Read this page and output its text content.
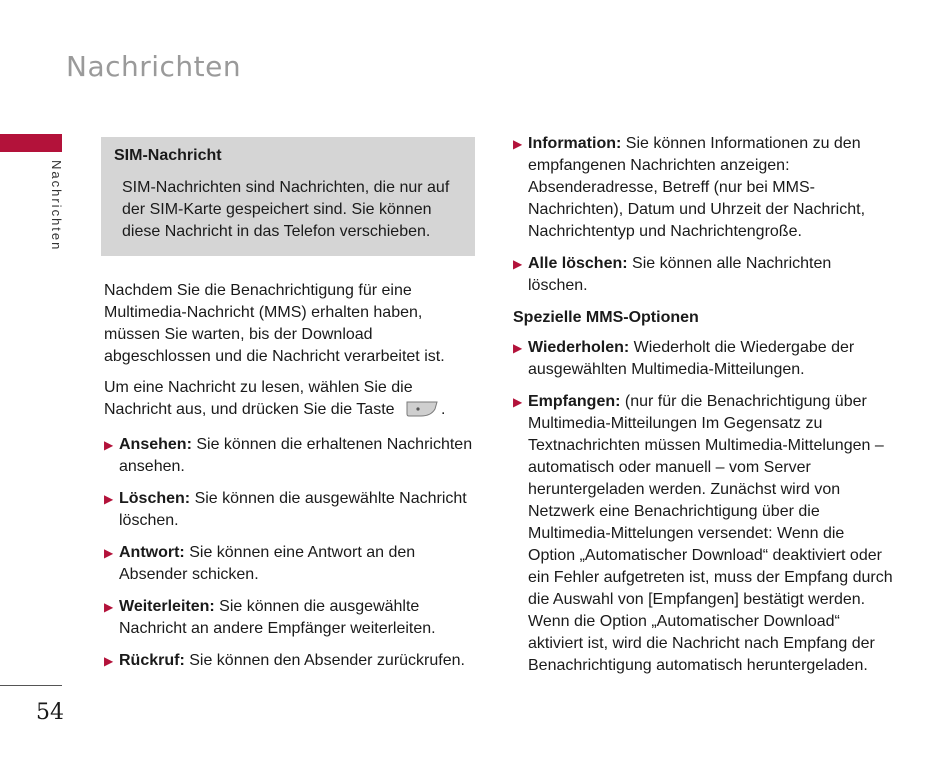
Nachrichten
Nachrichten
SIM-Nachricht
SIM-Nachrichten sind Nachrichten, die nur auf der SIM-Karte gespeichert sind. Sie können diese Nachricht in das Telefon verschieben.

Nachdem Sie die Benachrichtigung für eine Multimedia-Nachricht (MMS) erhalten haben, müssen Sie warten, bis der Download abgeschlossen und die Nachricht verarbeitet ist.

Um eine Nachricht zu lesen, wählen Sie die Nachricht aus, und drücken Sie die Taste	.

▶ Ansehen: Sie können die erhaltenen Nachrichten ansehen.
▶ Löschen: Sie können die ausgewählte Nachricht löschen.
▶ Antwort: Sie können eine Antwort an den Absender schicken.
▶ Weiterleiten: Sie können die ausgewählte Nachricht an andere Empfänger weiterleiten.
▶ Rückruf: Sie können den Absender zurückrufen.
▶ Information: Sie können Informationen zu den empfangenen Nachrichten anzeigen: Absenderadresse, Betreff (nur bei MMS-Nachrichten), Datum und Uhrzeit der Nachricht, Nachrichtentyp und Nachrichtengroße.
▶ Alle löschen: Sie können alle Nachrichten löschen.
Spezielle MMS-Optionen
▶ Wiederholen: Wiederholt die Wiedergabe der ausgewählten Multimedia-Mitteilungen.
▶ Empfangen: (nur für die Benachrichtigung über Multimedia-Mitteilungen Im Gegensatz zu Textnachrichten müssen Multimedia-Mittelungen – automatisch oder manuell – vom Server heruntergeladen werden. Zunächst wird von Netzwerk eine Benachrichtigung über die Multimedia-Mittelungen versendet: Wenn die Option „Automatischer Download“ deaktiviert oder ein Fehler aufgetreten ist, muss der Empfang durch die Auswahl von [Empfangen] bestätigt werden. Wenn die Option „Automatischer Download“ aktiviert ist, wird die Nachricht nach Empfang der Benachrichtigung automatisch heruntergeladen.
54
